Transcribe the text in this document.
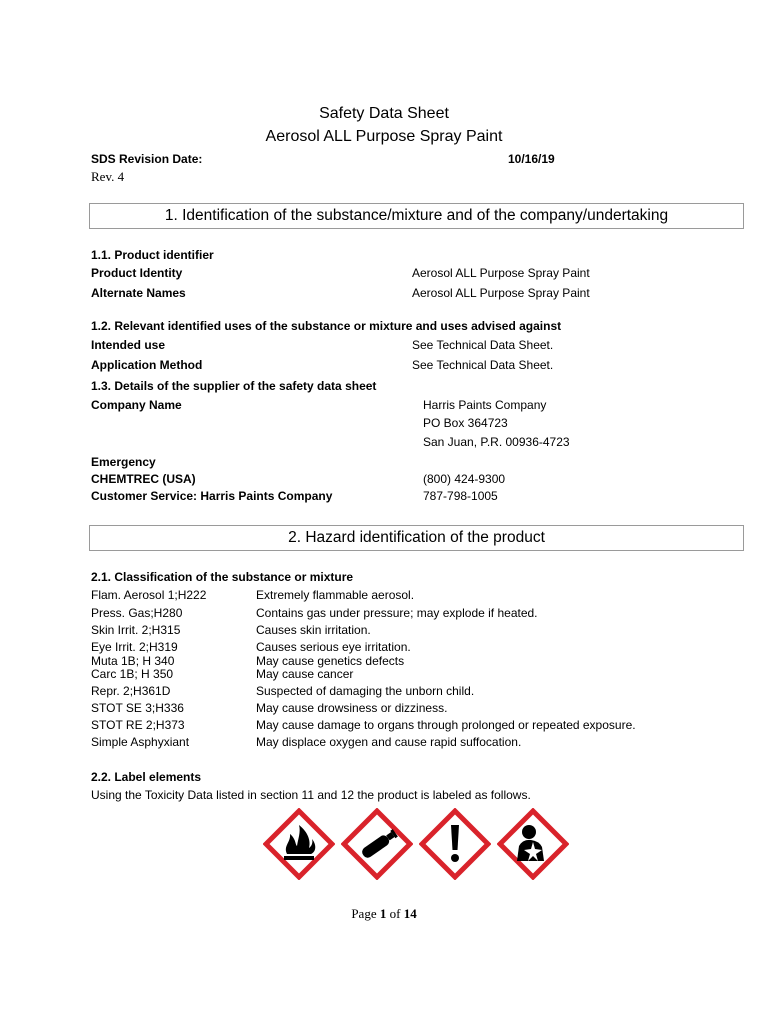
Safety Data Sheet
Aerosol ALL Purpose Spray Paint
SDS Revision Date:	10/16/19
Rev. 4
1. Identification of the substance/mixture and of the company/undertaking
1.1. Product identifier
Product Identity	Aerosol ALL Purpose Spray Paint
Alternate Names	Aerosol ALL Purpose Spray Paint
1.2. Relevant identified uses of the substance or mixture and uses advised against
Intended use	See Technical Data Sheet.
Application Method	See Technical Data Sheet.
1.3. Details of the supplier of the safety data sheet
Company Name	Harris Paints Company
PO Box 364723
San Juan, P.R. 00936-4723
Emergency
CHEMTREC (USA)	(800) 424-9300
Customer Service: Harris Paints Company	787-798-1005
2. Hazard identification of the product
2.1. Classification of the substance or mixture
Flam. Aerosol 1;H222	Extremely flammable aerosol.
Press. Gas;H280	Contains gas under pressure; may explode if heated.
Skin Irrit. 2;H315	Causes skin irritation.
Eye Irrit. 2;H319	Causes serious eye irritation.
Muta 1B; H 340	May cause genetics defects
Carc 1B; H 350	May cause cancer
Repr. 2;H361D	Suspected of damaging the unborn child.
STOT SE 3;H336	May cause drowsiness or dizziness.
STOT RE 2;H373	May cause damage to organs through prolonged or repeated exposure.
Simple Asphyxiant	May displace oxygen and cause rapid suffocation.
2.2. Label elements
Using the Toxicity Data listed in section 11 and 12 the product is labeled as follows.
Page 1 of 14
